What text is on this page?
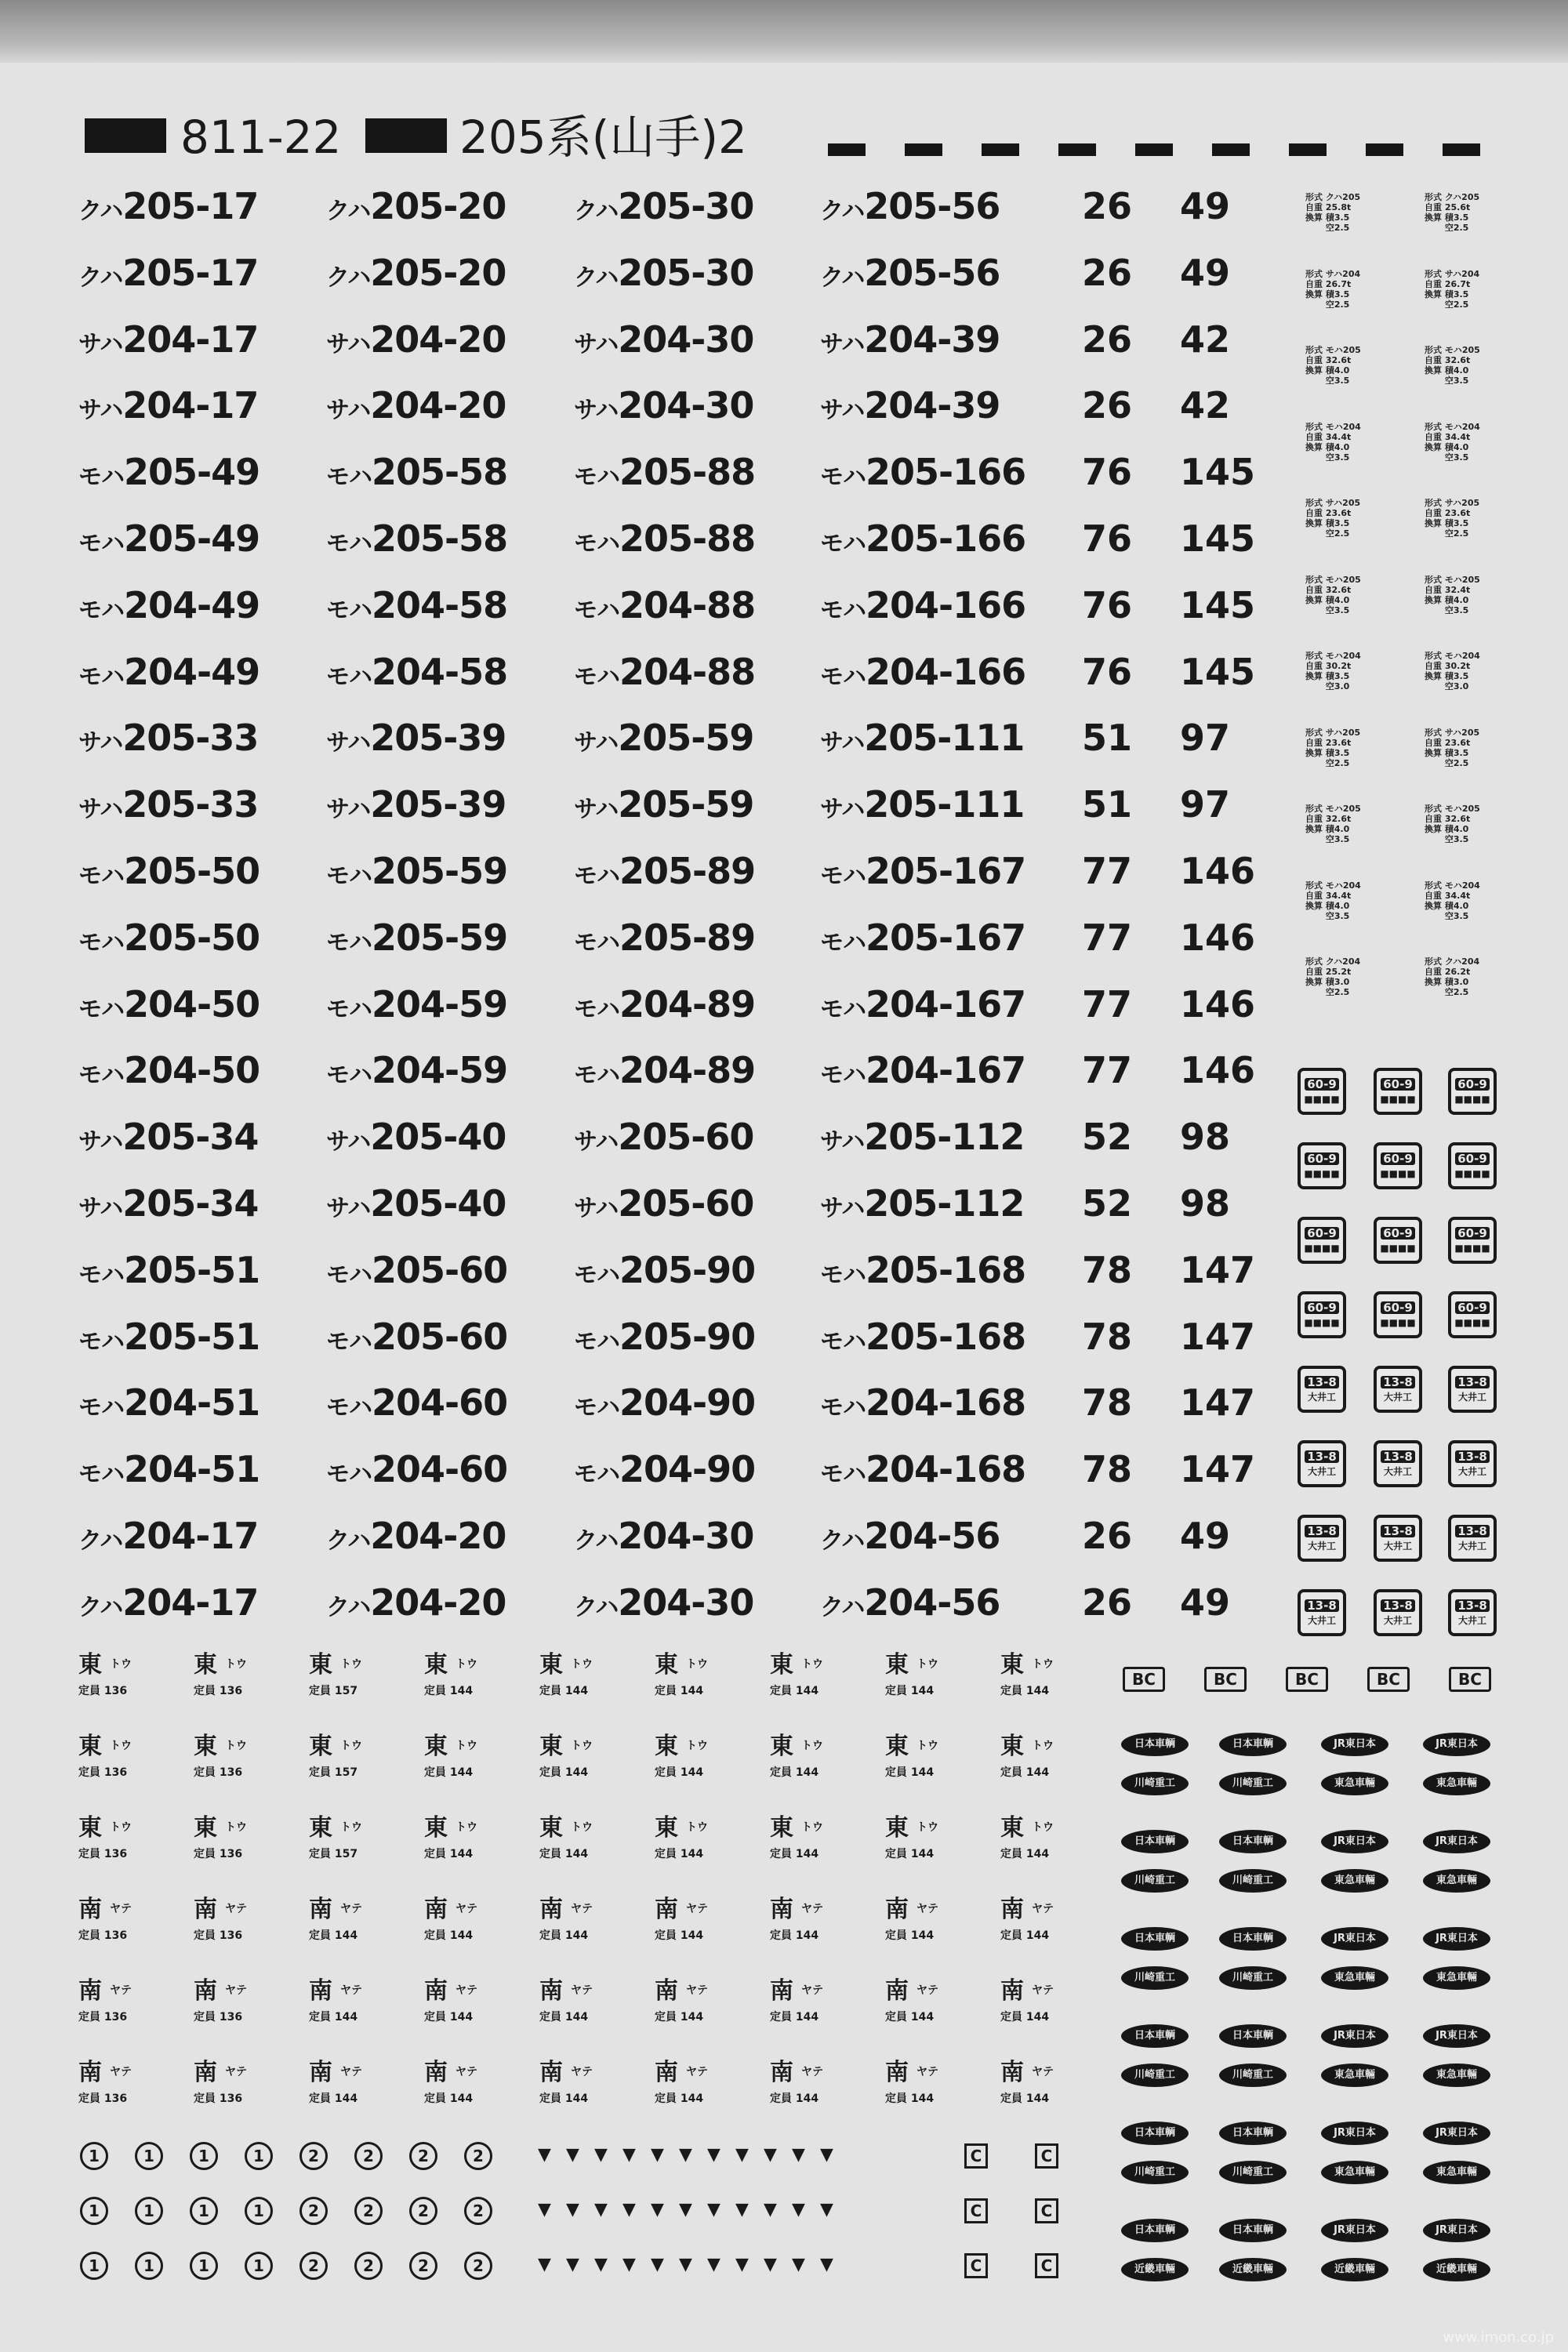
811-22	205系(山手)2
クハ205-17	クハ205-20	クハ205-30	クハ205-56 26 49
クハ205-17	クハ205-20	クハ205-30	クハ205-56 26 49
サハ204-17	サハ204-20	サハ204-30	サハ204-39 26 42
サハ204-17	サハ204-20	サハ204-30	サハ204-39 26 42
モハ205-49	モハ205-58	モハ205-88	モハ205-166 76 145
モハ205-49	モハ205-58	モハ205-88	モハ205-166 76 145
モハ204-49	モハ204-58	モハ204-88	モハ204-166 76 145
モハ204-49	モハ204-58	モハ204-88	モハ204-166 76 145
サハ205-33	サハ205-39	サハ205-59	サハ205-111 51 97
サハ205-33	サハ205-39	サハ205-59	サハ205-111 51 97
モハ205-50	モハ205-59	モハ205-89	モハ205-167 77 146
モハ205-50	モハ205-59	モハ205-89	モハ205-167 77 146
モハ204-50	モハ204-59	モハ204-89	モハ204-167 77 146
モハ204-50	モハ204-59	モハ204-89	モハ204-167 77 146
サハ205-34	サハ205-40	サハ205-60	サハ205-112 52 98
サハ205-34	サハ205-40	サハ205-60	サハ205-112 52 98
モハ205-51	モハ205-60	モハ205-90	モハ205-168 78 147
モハ205-51	モハ205-60	モハ205-90	モハ205-168 78 147
モハ204-51	モハ204-60	モハ204-90	モハ204-168 78 147
モハ204-51	モハ204-60	モハ204-90	モハ204-168 78 147
クハ204-17	クハ204-20	クハ204-30	クハ204-56 26 49
クハ204-17	クハ204-20	クハ204-30	クハ204-56 26 49
形式 クハ205
自重 25.8t
換算 積3.5
　　 空2.5
形式 クハ205
自重 25.6t
換算 積3.5
　　 空2.5
形式 サハ204
自重 26.7t
換算 積3.5
　　 空2.5
形式 サハ204
自重 26.7t
換算 積3.5
　　 空2.5
形式 モハ205
自重 32.6t
換算 積4.0
　　 空3.5
形式 モハ205
自重 32.6t
換算 積4.0
　　 空3.5
形式 モハ204
自重 34.4t
換算 積4.0
　　 空3.5
形式 モハ204
自重 34.4t
換算 積4.0
　　 空3.5
形式 サハ205
自重 23.6t
換算 積3.5
　　 空2.5
形式 サハ205
自重 23.6t
換算 積3.5
　　 空2.5
形式 モハ205
自重 32.6t
換算 積4.0
　　 空3.5
形式 モハ205
自重 32.4t
換算 積4.0
　　 空3.5
形式 モハ204
自重 30.2t
換算 積3.5
　　 空3.0
形式 モハ204
自重 30.2t
換算 積3.5
　　 空3.0
形式 サハ205
自重 23.6t
換算 積3.5
　　 空2.5
形式 サハ205
自重 23.6t
換算 積3.5
　　 空2.5
形式 モハ205
自重 32.6t
換算 積4.0
　　 空3.5
形式 モハ205
自重 32.6t
換算 積4.0
　　 空3.5
形式 モハ204
自重 34.4t
換算 積4.0
　　 空3.5
形式 モハ204
自重 34.4t
換算 積4.0
　　 空3.5
形式 クハ204
自重 25.2t
換算 積3.0
　　 空2.5
形式 クハ204
自重 26.2t
換算 積3.0
　　 空2.5
60-9
■■■■
60-9
■■■■
60-9
■■■■
60-9
■■■■
60-9
■■■■
60-9
■■■■
60-9
■■■■
60-9
■■■■
60-9
■■■■
60-9
■■■■
60-9
■■■■
60-9
■■■■
13-8
大井工
13-8
大井工
13-8
大井工
13-8
大井工
13-8
大井工
13-8
大井工
13-8
大井工
13-8
大井工
13-8
大井工
13-8
大井工
13-8
大井工
13-8
大井工
東 トウ
定員 136
東 トウ
定員 136
東 トウ
定員 157
東 トウ
定員 144
東 トウ
定員 144
東 トウ
定員 144
東 トウ
定員 144
東 トウ
定員 144
東 トウ
定員 144
東 トウ
定員 136
東 トウ
定員 136
東 トウ
定員 157
東 トウ
定員 144
東 トウ
定員 144
東 トウ
定員 144
東 トウ
定員 144
東 トウ
定員 144
東 トウ
定員 144
東 トウ
定員 136
東 トウ
定員 136
東 トウ
定員 157
東 トウ
定員 144
東 トウ
定員 144
東 トウ
定員 144
東 トウ
定員 144
東 トウ
定員 144
東 トウ
定員 144
南 ヤテ
定員 136
南 ヤテ
定員 136
南 ヤテ
定員 144
南 ヤテ
定員 144
南 ヤテ
定員 144
南 ヤテ
定員 144
南 ヤテ
定員 144
南 ヤテ
定員 144
南 ヤテ
定員 144
南 ヤテ
定員 136
南 ヤテ
定員 136
南 ヤテ
定員 144
南 ヤテ
定員 144
南 ヤテ
定員 144
南 ヤテ
定員 144
南 ヤテ
定員 144
南 ヤテ
定員 144
南 ヤテ
定員 144
南 ヤテ
定員 136
南 ヤテ
定員 136
南 ヤテ
定員 144
南 ヤテ
定員 144
南 ヤテ
定員 144
南 ヤテ
定員 144
南 ヤテ
定員 144
南 ヤテ
定員 144
南 ヤテ
定員 144
1	1	1	1	2	2	2	2	▼ ▼ ▼ ▼ ▼ ▼ ▼ ▼ ▼ ▼ ▼	C	C
1	1	1	1	2	2	2	2	▼ ▼ ▼ ▼ ▼ ▼ ▼ ▼ ▼ ▼ ▼	C	C
1	1	1	1	2	2	2	2	▼ ▼ ▼ ▼ ▼ ▼ ▼ ▼ ▼ ▼ ▼	C	C
BC	BC	BC	BC	BC
日本車輌	日本車輌	JR東日本	JR東日本
川崎重工	川崎重工	東急車輛	東急車輛
日本車輌	日本車輌	JR東日本	JR東日本
川崎重工	川崎重工	東急車輛	東急車輛
日本車輌	日本車輌	JR東日本	JR東日本
川崎重工	川崎重工	東急車輛	東急車輛
日本車輌	日本車輌	JR東日本	JR東日本
川崎重工	川崎重工	東急車輛	東急車輛
日本車輌	日本車輌	JR東日本	JR東日本
川崎重工	川崎重工	東急車輛	東急車輛
日本車輌	日本車輌	JR東日本	JR東日本
近畿車輛	近畿車輛	近畿車輛	近畿車輛
www.imon.co.jp
